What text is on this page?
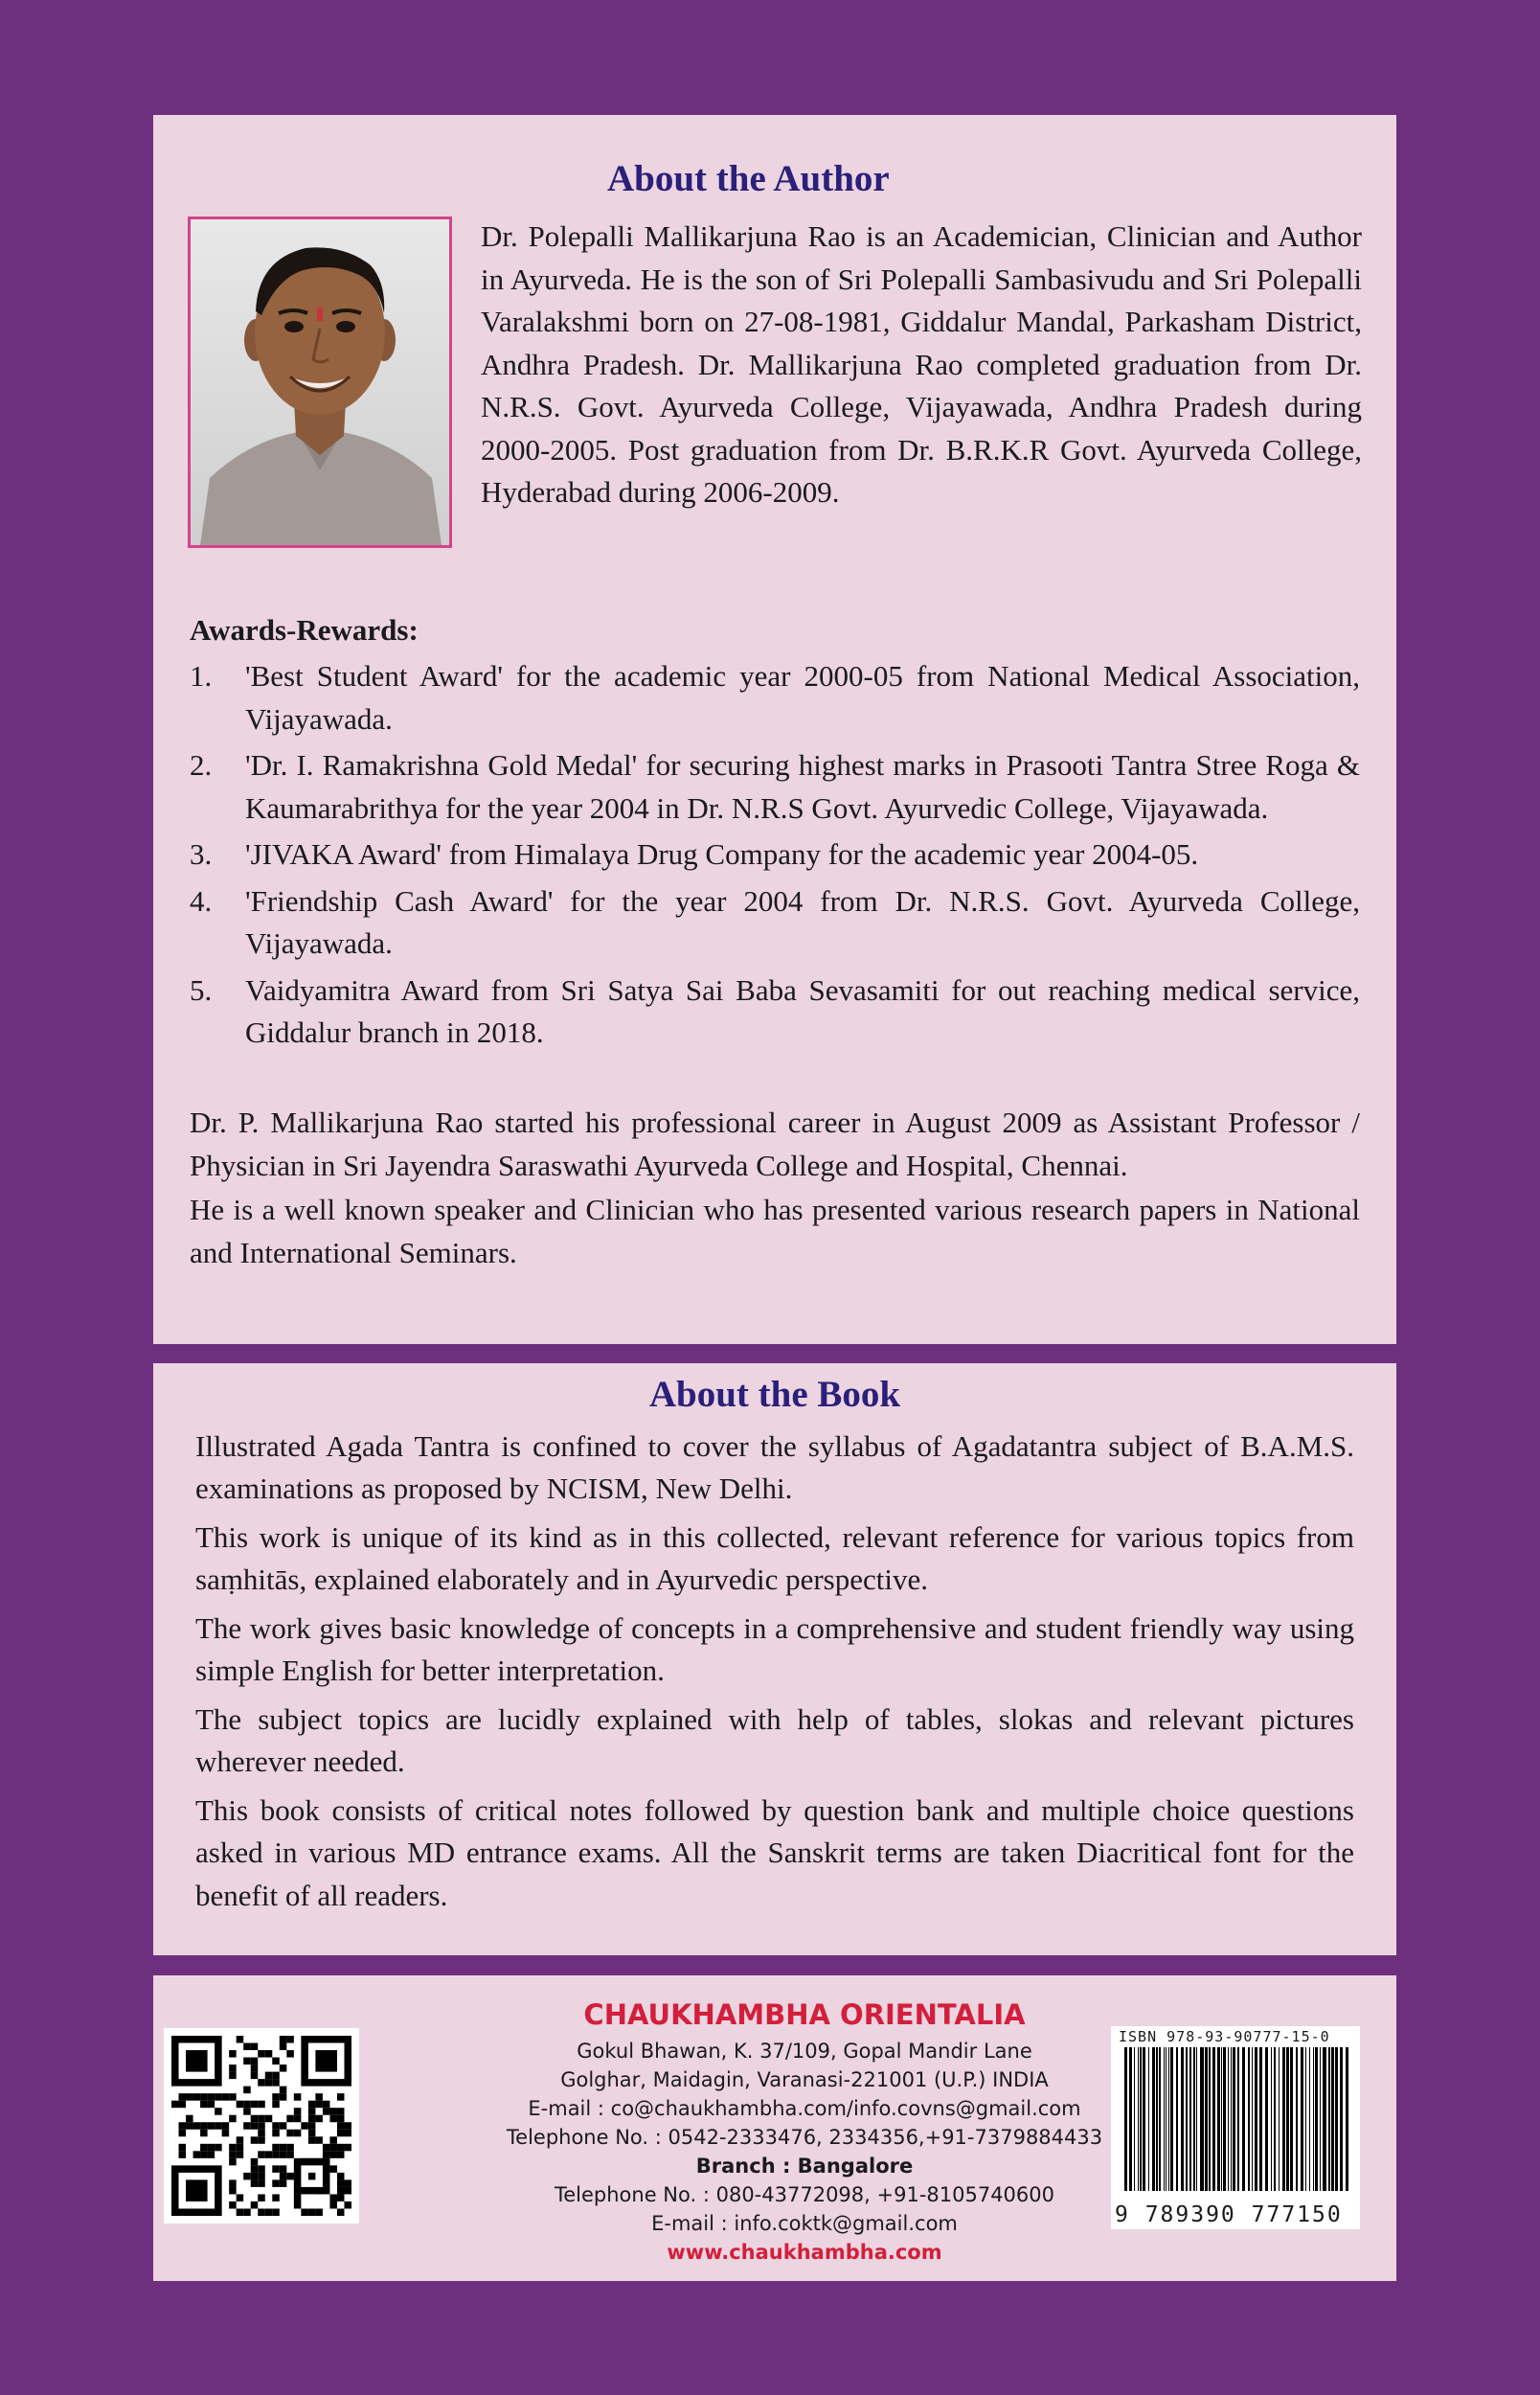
About the Author

Dr. Polepalli Mallikarjuna Rao is an Academician, Clinician and Author in Ayurveda. He is the son of Sri Polepalli Sambasivudu and Sri Polepalli Varalakshmi born on 27-08-1981, Giddalur Mandal, Parkasham District, Andhra Pradesh. Dr. Mallikarjuna Rao completed graduation from Dr. N.R.S. Govt. Ayurveda College, Vijayawada, Andhra Pradesh during 2000-2005. Post graduation from Dr. B.R.K.R Govt. Ayurveda College, Hyderabad during 2006-2009.

Awards-Rewards:

1.	'Best Student Award' for the academic year 2000-05 from National Medical Association, Vijayawada.
2.	'Dr. I. Ramakrishna Gold Medal' for securing highest marks in Prasooti Tantra Stree Roga & Kaumarabrithya for the year 2004 in Dr. N.R.S Govt. Ayurvedic College, Vijayawada.
3.	'JIVAKA Award' from Himalaya Drug Company for the academic year 2004-05.
4.	'Friendship Cash Award' for the year 2004 from Dr. N.R.S. Govt. Ayurveda College, Vijayawada.
5.	Vaidyamitra Award from Sri Satya Sai Baba Sevasamiti for out reaching medical service, Giddalur branch in 2018.

Dr. P. Mallikarjuna Rao started his professional career in August 2009 as Assistant Professor / Physician in Sri Jayendra Saraswathi Ayurveda College and Hospital, Chennai.

He is a well known speaker and Clinician who has presented various research papers in National and International Seminars.

About the Book

Illustrated Agada Tantra is confined to cover the syllabus of Agadatantra subject of B.A.M.S. examinations as proposed by NCISM, New Delhi.

This work is unique of its kind as in this collected, relevant reference for various topics from saṃhitās, explained elaborately and in Ayurvedic perspective.

The work gives basic knowledge of concepts in a comprehensive and student friendly way using simple English for better interpretation.

The subject topics are lucidly explained with help of tables, slokas and relevant pictures wherever needed.

This book consists of critical notes followed by question bank and multiple choice questions asked in various MD entrance exams. All the Sanskrit terms are taken Diacritical font for the benefit of all readers.

CHAUKHAMBHA ORIENTALIA

Gokul Bhawan, K. 37/109, Gopal Mandir Lane

Golghar, Maidagin, Varanasi-221001 (U.P.) INDIA

E-mail : co@chaukhambha.com/info.covns@gmail.com

Telephone No. : 0542-2333476, 2334356,+91-7379884433

Branch : Bangalore

Telephone No. : 080-43772098, +91-8105740600

E-mail : info.coktk@gmail.com

www.chaukhambha.com

ISBN 978-93-90777-15-0
9 789390 777150
